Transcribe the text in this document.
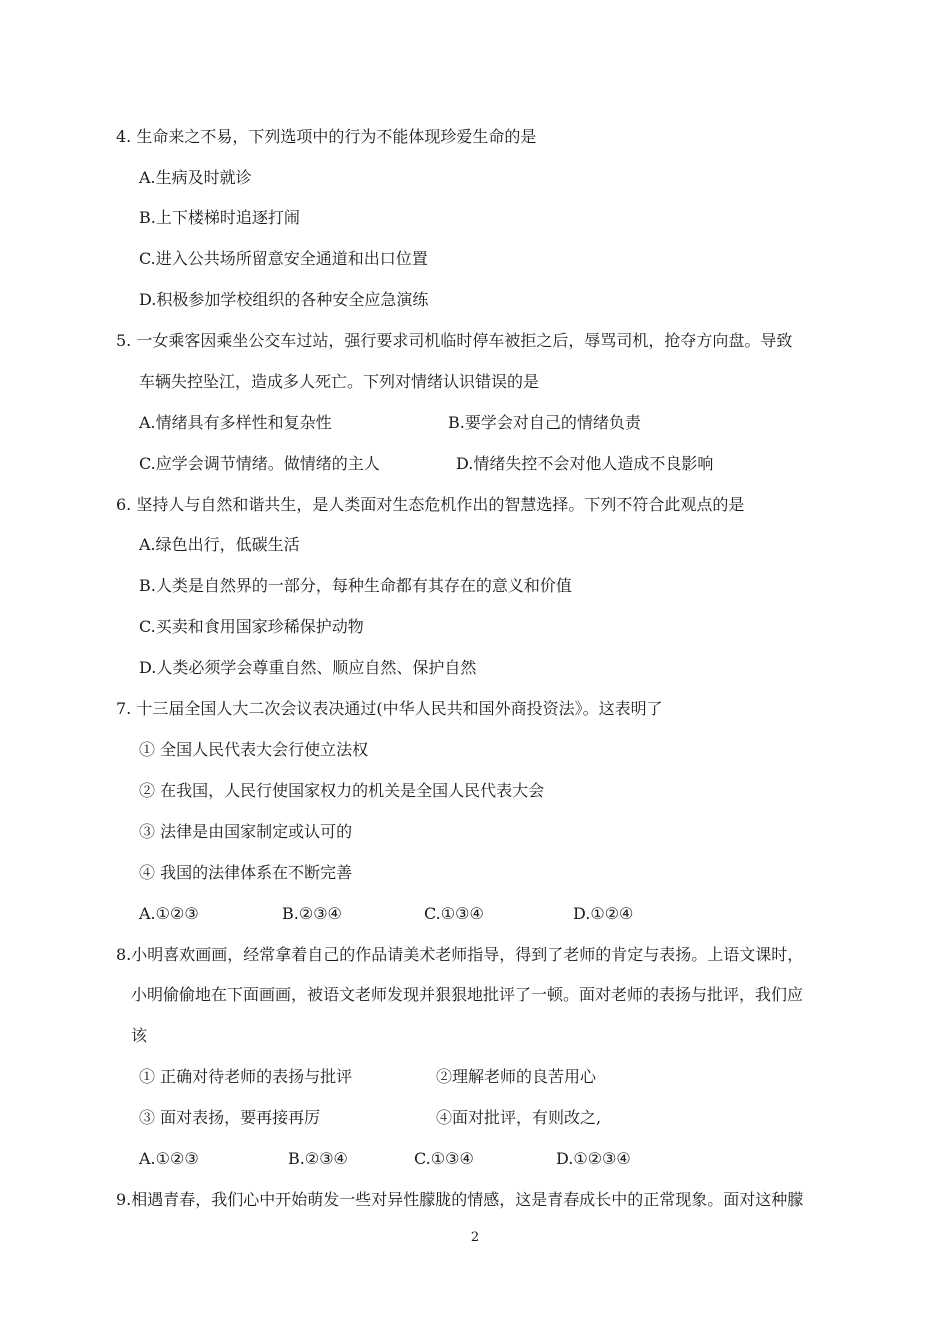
4. 生命来之不易，下列选项中的行为不能体现珍爱生命的是
A.生病及时就诊
B.上下楼梯时追逐打闹
C.进入公共场所留意安全通道和出口位置
D.积极参加学校组织的各种安全应急演练
5. 一女乘客因乘坐公交车过站，强行要求司机临时停车被拒之后，辱骂司机，抢夺方向盘。导致
车辆失控坠江，造成多人死亡。下列对情绪认识错误的是
A.情绪具有多样性和复杂性	B.要学会对自己的情绪负责
C.应学会调节情绪。做情绪的主人	D.情绪失控不会对他人造成不良影响
6. 坚持人与自然和谐共生，是人类面对生态危机作出的智慧选择。下列不符合此观点的是
A.绿色出行，低碳生活
B.人类是自然界的一部分，每种生命都有其存在的意义和价值
C.买卖和食用国家珍稀保护动物
D.人类必须学会尊重自然、顺应自然、保护自然
7. 十三届全国人大二次会议表决通过(中华人民共和国外商投资法》。这表明了
① 全国人民代表大会行使立法权
② 在我国，人民行使国家权力的机关是全国人民代表大会
③ 法律是由国家制定或认可的
④ 我国的法律体系在不断完善
A.①②③	B.②③④	C.①③④	D.①②④
8.小明喜欢画画，经常拿着自己的作品请美术老师指导，得到了老师的肯定与表扬。上语文课时，
小明偷偷地在下面画画，被语文老师发现并狠狠地批评了一顿。面对老师的表扬与批评，我们应
该
① 正确对待老师的表扬与批评	②理解老师的良苦用心
③ 面对表扬，要再接再厉	④面对批评，有则改之,
A.①②③	B.②③④	C.①③④	D.①②③④
9.相遇青春，我们心中开始萌发一些对异性朦胧的情感，这是青春成长中的正常现象。面对这种朦
2
